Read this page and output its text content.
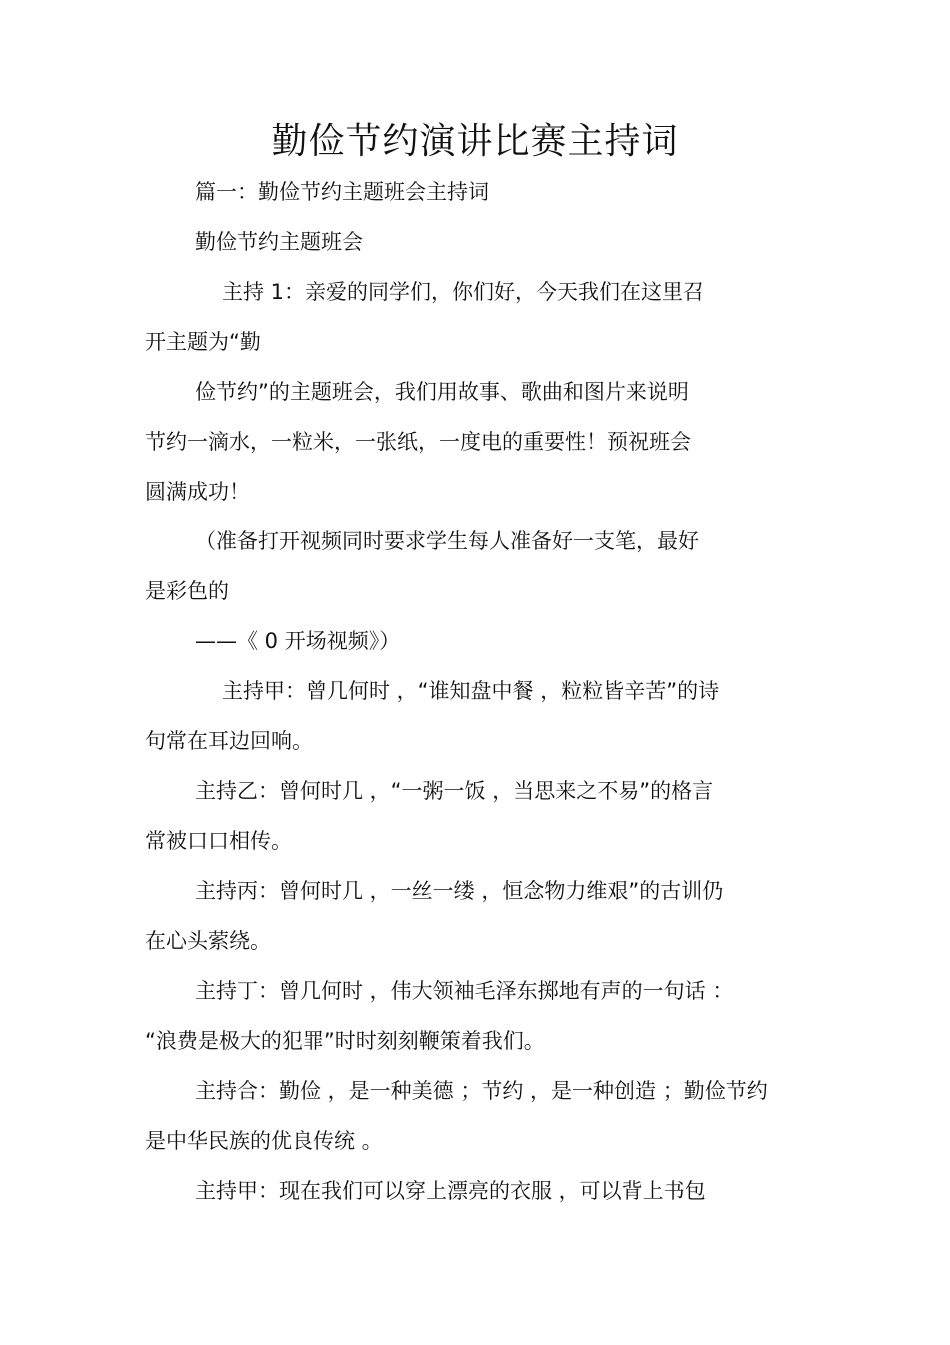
勤俭节约演讲比赛主持词
篇一：勤俭节约主题班会主持词
勤俭节约主题班会
主持 1：亲爱的同学们，你们好，今天我们在这里召
开主题为“勤
俭节约”的主题班会，我们用故事、歌曲和图片来说明
节约一滴水，一粒米，一张纸，一度电的重要性！预祝班会
圆满成功！
（准备打开视频同时要求学生每人准备好一支笔，最好
是彩色的
——《 0 开场视频》）
主持甲：曾几何时 ，“谁知盘中餐 ，粒粒皆辛苦”的诗
句常在耳边回响。
主持乙：曾何时几 ，“一粥一饭 ，当思来之不易”的格言
常被口口相传。
主持丙：曾何时几 ，一丝一缕 ，恒念物力维艰”的古训仍
在心头萦绕。
主持丁：曾几何时 ，伟大领袖毛泽东掷地有声的一句话 ：
“浪费是极大的犯罪”时时刻刻鞭策着我们。
主持合：勤俭 ，是一种美德 ；节约 ，是一种创造 ；勤俭节约
是中华民族的优良传统 。
主持甲：现在我们可以穿上漂亮的衣服 ，可以背上书包
